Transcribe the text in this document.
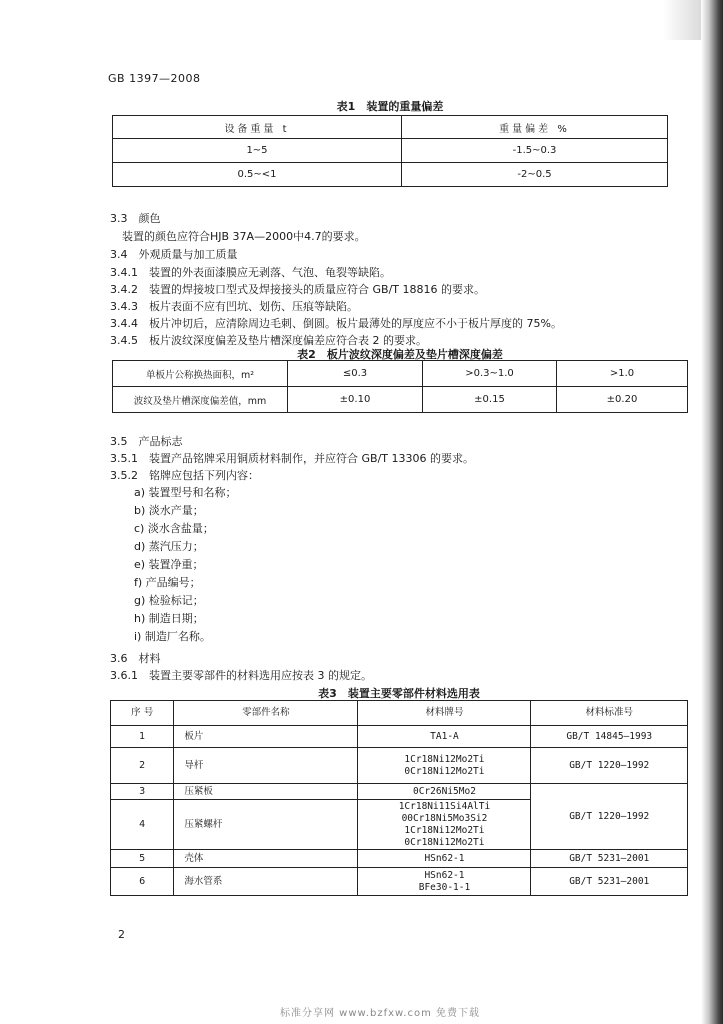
GB 1397—2008
表1　装置的重量偏差
设备重量 t	重量偏差 %
1~5	-1.5~0.3
0.5~<1	-2~0.5
3.3　 颜色
装置的颜色应符合HJB 37A—2000中4.7的要求。
3.4　 外观质量与加工质量
3.4.1　 装置的外表面漆膜应无剥落、气泡、龟裂等缺陷。
3.4.2　 装置的焊接坡口型式及焊接接头的质量应符合 GB/T 18816 的要求。
3.4.3　 板片表面不应有凹坑、划伤、压痕等缺陷。
3.4.4　 板片冲切后，应清除周边毛刺、倒圆。板片最薄处的厚度应不小于板片厚度的 75%。
3.4.5　 板片波纹深度偏差及垫片槽深度偏差应符合表 2 的要求。
表2　板片波纹深度偏差及垫片槽深度偏差
单板片公称换热面积，m²	≤0.3	>0.3~1.0	>1.0
波纹及垫片槽深度偏差值，mm	±0.10	±0.15	±0.20
3.5　 产品标志
3.5.1　 装置产品铭牌采用铜质材料制作，并应符合 GB/T 13306 的要求。
3.5.2　 铭牌应包括下列内容：
a) 装置型号和名称；
b) 淡水产量；
c) 淡水含盐量；
d) 蒸汽压力；
e) 装置净重；
f) 产品编号；
g) 检验标记；
h) 制造日期；
i) 制造厂名称。
3.6　 材料
3.6.1　 装置主要零部件的材料选用应按表 3 的规定。
表3　装置主要零部件材料选用表
序 号	零部件名称	材料牌号	材料标准号
1	板片	TA1-A	GB/T 14845—1993
2	导杆	1Cr18Ni12Mo2Ti
0Cr18Ni12Mo2Ti	GB/T 1220—1992
3	压紧板	0Cr26Ni5Mo2	GB/T 1220—1992
4	压紧螺杆	1Cr18Ni11Si4AlTi
00Cr18Ni5Mo3Si2
1Cr18Ni12Mo2Ti
0Cr18Ni12Mo2Ti	

5	壳体	HSn62-1	GB/T 5231—2001
6	海水管系	HSn62-1
BFe30-1-1	GB/T 5231—2001
2
标准分享网 www.bzfxw.com 免费下载
